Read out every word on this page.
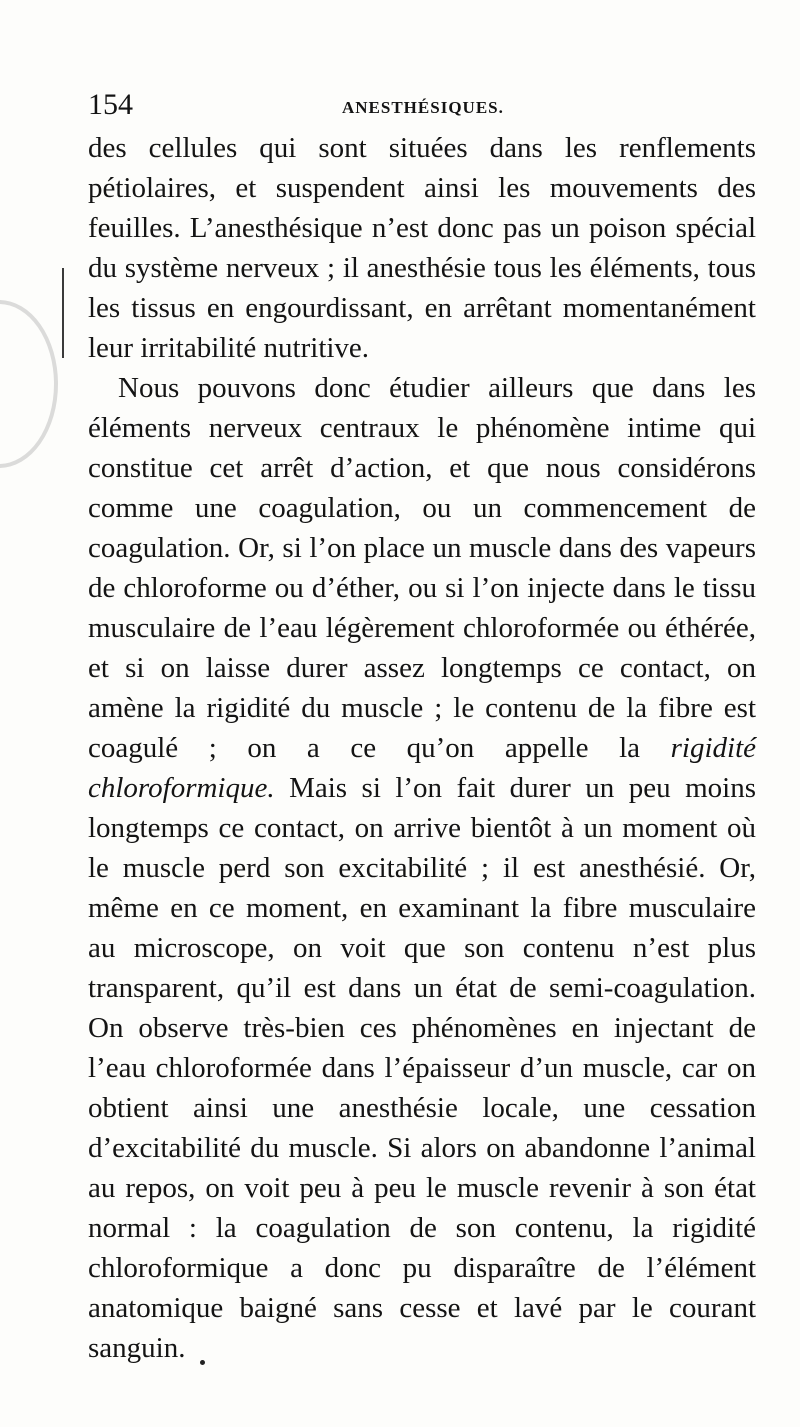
154	ANESTHÉSIQUES.

des cellules qui sont situées dans les renflements pétiolaires, et suspendent ainsi les mouvements des feuilles. L’anesthésique n’est donc pas un poison spécial du système nerveux ; il anesthésie tous les éléments, tous les tissus en engourdissant, en arrêtant momentanément leur irritabilité nutritive.

Nous pouvons donc étudier ailleurs que dans les éléments nerveux centraux le phénomène intime qui constitue cet arrêt d’action, et que nous considérons comme une coagulation, ou un commencement de coagulation. Or, si l’on place un muscle dans des vapeurs de chloroforme ou d’éther, ou si l’on injecte dans le tissu musculaire de l’eau légèrement chloroformée ou éthérée, et si on laisse durer assez longtemps ce contact, on amène la rigidité du muscle ; le contenu de la fibre est coagulé ; on a ce qu’on appelle la rigidité chloroformique. Mais si l’on fait durer un peu moins longtemps ce contact, on arrive bientôt à un moment où le muscle perd son excitabilité ; il est anesthésié. Or, même en ce moment, en examinant la fibre musculaire au microscope, on voit que son contenu n’est plus transparent, qu’il est dans un état de semi-coagulation. On observe très-bien ces phénomènes en injectant de l’eau chloroformée dans l’épaisseur d’un muscle, car on obtient ainsi une anesthésie locale, une cessation d’excitabilité du muscle. Si alors on abandonne l’animal au repos, on voit peu à peu le muscle revenir à son état normal : la coagulation de son contenu, la rigidité chloroformique a donc pu disparaître de l’élément anatomique baigné sans cesse et lavé par le courant sanguin.
